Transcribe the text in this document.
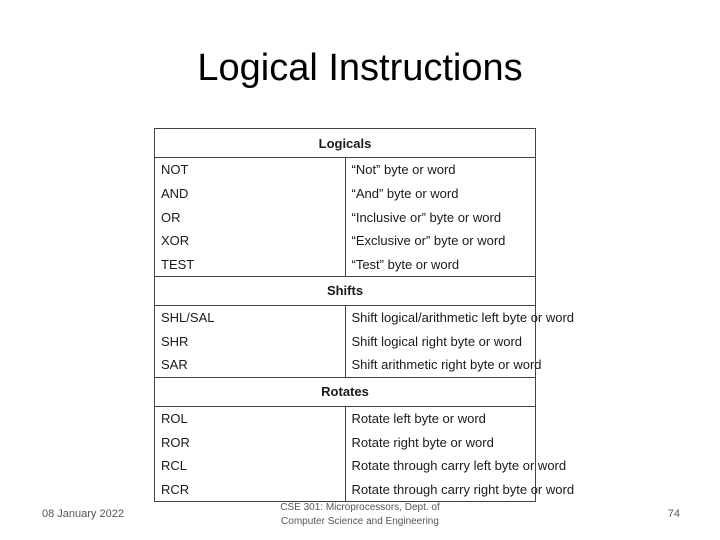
Logical Instructions
Logicals	
NOT	“Not” byte or word
AND	“And” byte or word
OR	“Inclusive or” byte or word
XOR	“Exclusive or” byte or word
TEST	“Test” byte or word
Shifts	
SHL/SAL	Shift logical/arithmetic left byte or word
SHR	Shift logical right byte or word
SAR	Shift arithmetic right byte or word
Rotates	
ROL	Rotate left byte or word
ROR	Rotate right byte or word
RCL	Rotate through carry left byte or word
RCR	Rotate through carry right byte or word
08 January 2022
CSE 301: Microprocessors, Dept. of
Computer Science and Engineering
74
